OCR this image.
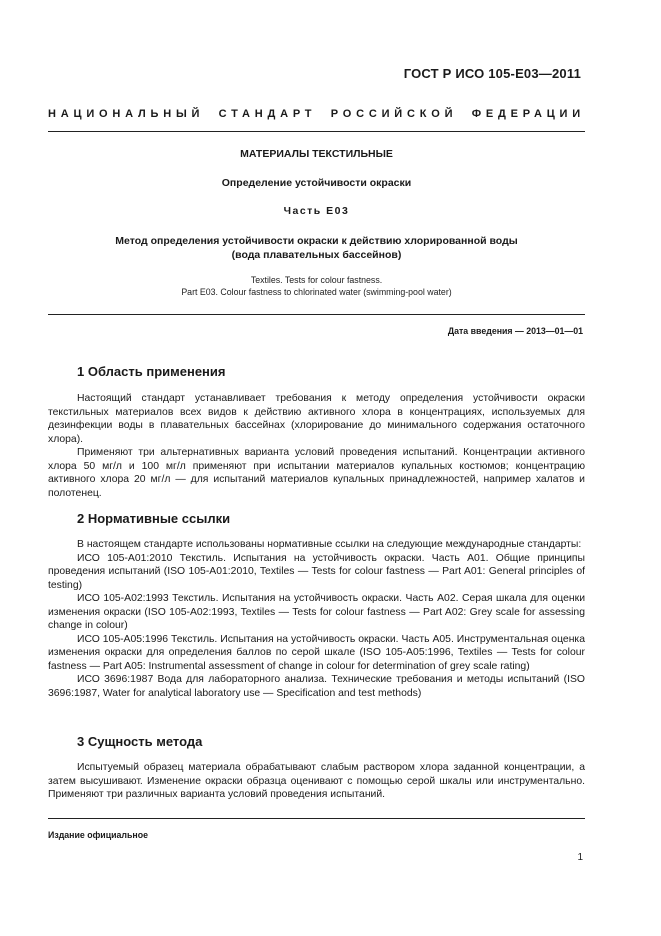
ГОСТ Р ИСО 105-E03—2011
НАЦИОНАЛЬНЫЙ СТАНДАРТ РОССИЙСКОЙ ФЕДЕРАЦИИ
МАТЕРИАЛЫ ТЕКСТИЛЬНЫЕ
Определение устойчивости окраски
Часть E03
Метод определения устойчивости окраски к действию хлорированной воды
(вода плавательных бассейнов)
Textiles. Tests for colour fastness.
Part E03. Colour fastness to chlorinated water (swimming-pool water)
Дата введения — 2013—01—01
1 Область применения

Настоящий стандарт устанавливает требования к методу определения устойчивости окраски текстильных материалов всех видов к действию активного хлора в концентрациях, используемых для дезинфекции воды в плавательных бассейнах (хлорирование до минимального содержания остаточного хлора).

Применяют три альтернативных варианта условий проведения испытаний. Концентрации активного хлора 50 мг/л и 100 мг/л применяют при испытании материалов купальных костюмов; концентрацию активного хлора 20 мг/л — для испытаний материалов купальных принадлежностей, например халатов и полотенец.

2 Нормативные ссылки

В настоящем стандарте использованы нормативные ссылки на следующие международные стандарты:

ИСО 105-A01:2010 Текстиль. Испытания на устойчивость окраски. Часть A01. Общие принципы проведения испытаний (ISO 105-A01:2010, Textiles — Tests for colour fastness — Part A01: General principles of testing)

ИСО 105-A02:1993 Текстиль. Испытания на устойчивость окраски. Часть A02. Серая шкала для оценки изменения окраски (ISO 105-A02:1993, Textiles — Tests for colour fastness — Part A02: Grey scale for assessing change in colour)

ИСО 105-A05:1996 Текстиль. Испытания на устойчивость окраски. Часть A05. Инструментальная оценка изменения окраски для определения баллов по серой шкале (ISO 105-A05:1996, Textiles — Tests for colour fastness — Part A05: Instrumental assessment of change in colour for determination of grey scale rating)

ИСО 3696:1987 Вода для лабораторного анализа. Технические требования и методы испытаний (ISO 3696:1987, Water for analytical laboratory use — Specification and test methods)

3 Сущность метода

Испытуемый образец материала обрабатывают слабым раствором хлора заданной концентрации, а затем высушивают. Изменение окраски образца оценивают с помощью серой шкалы или инструментально. Применяют три различных варианта условий проведения испытаний.

Издание официальное
1
